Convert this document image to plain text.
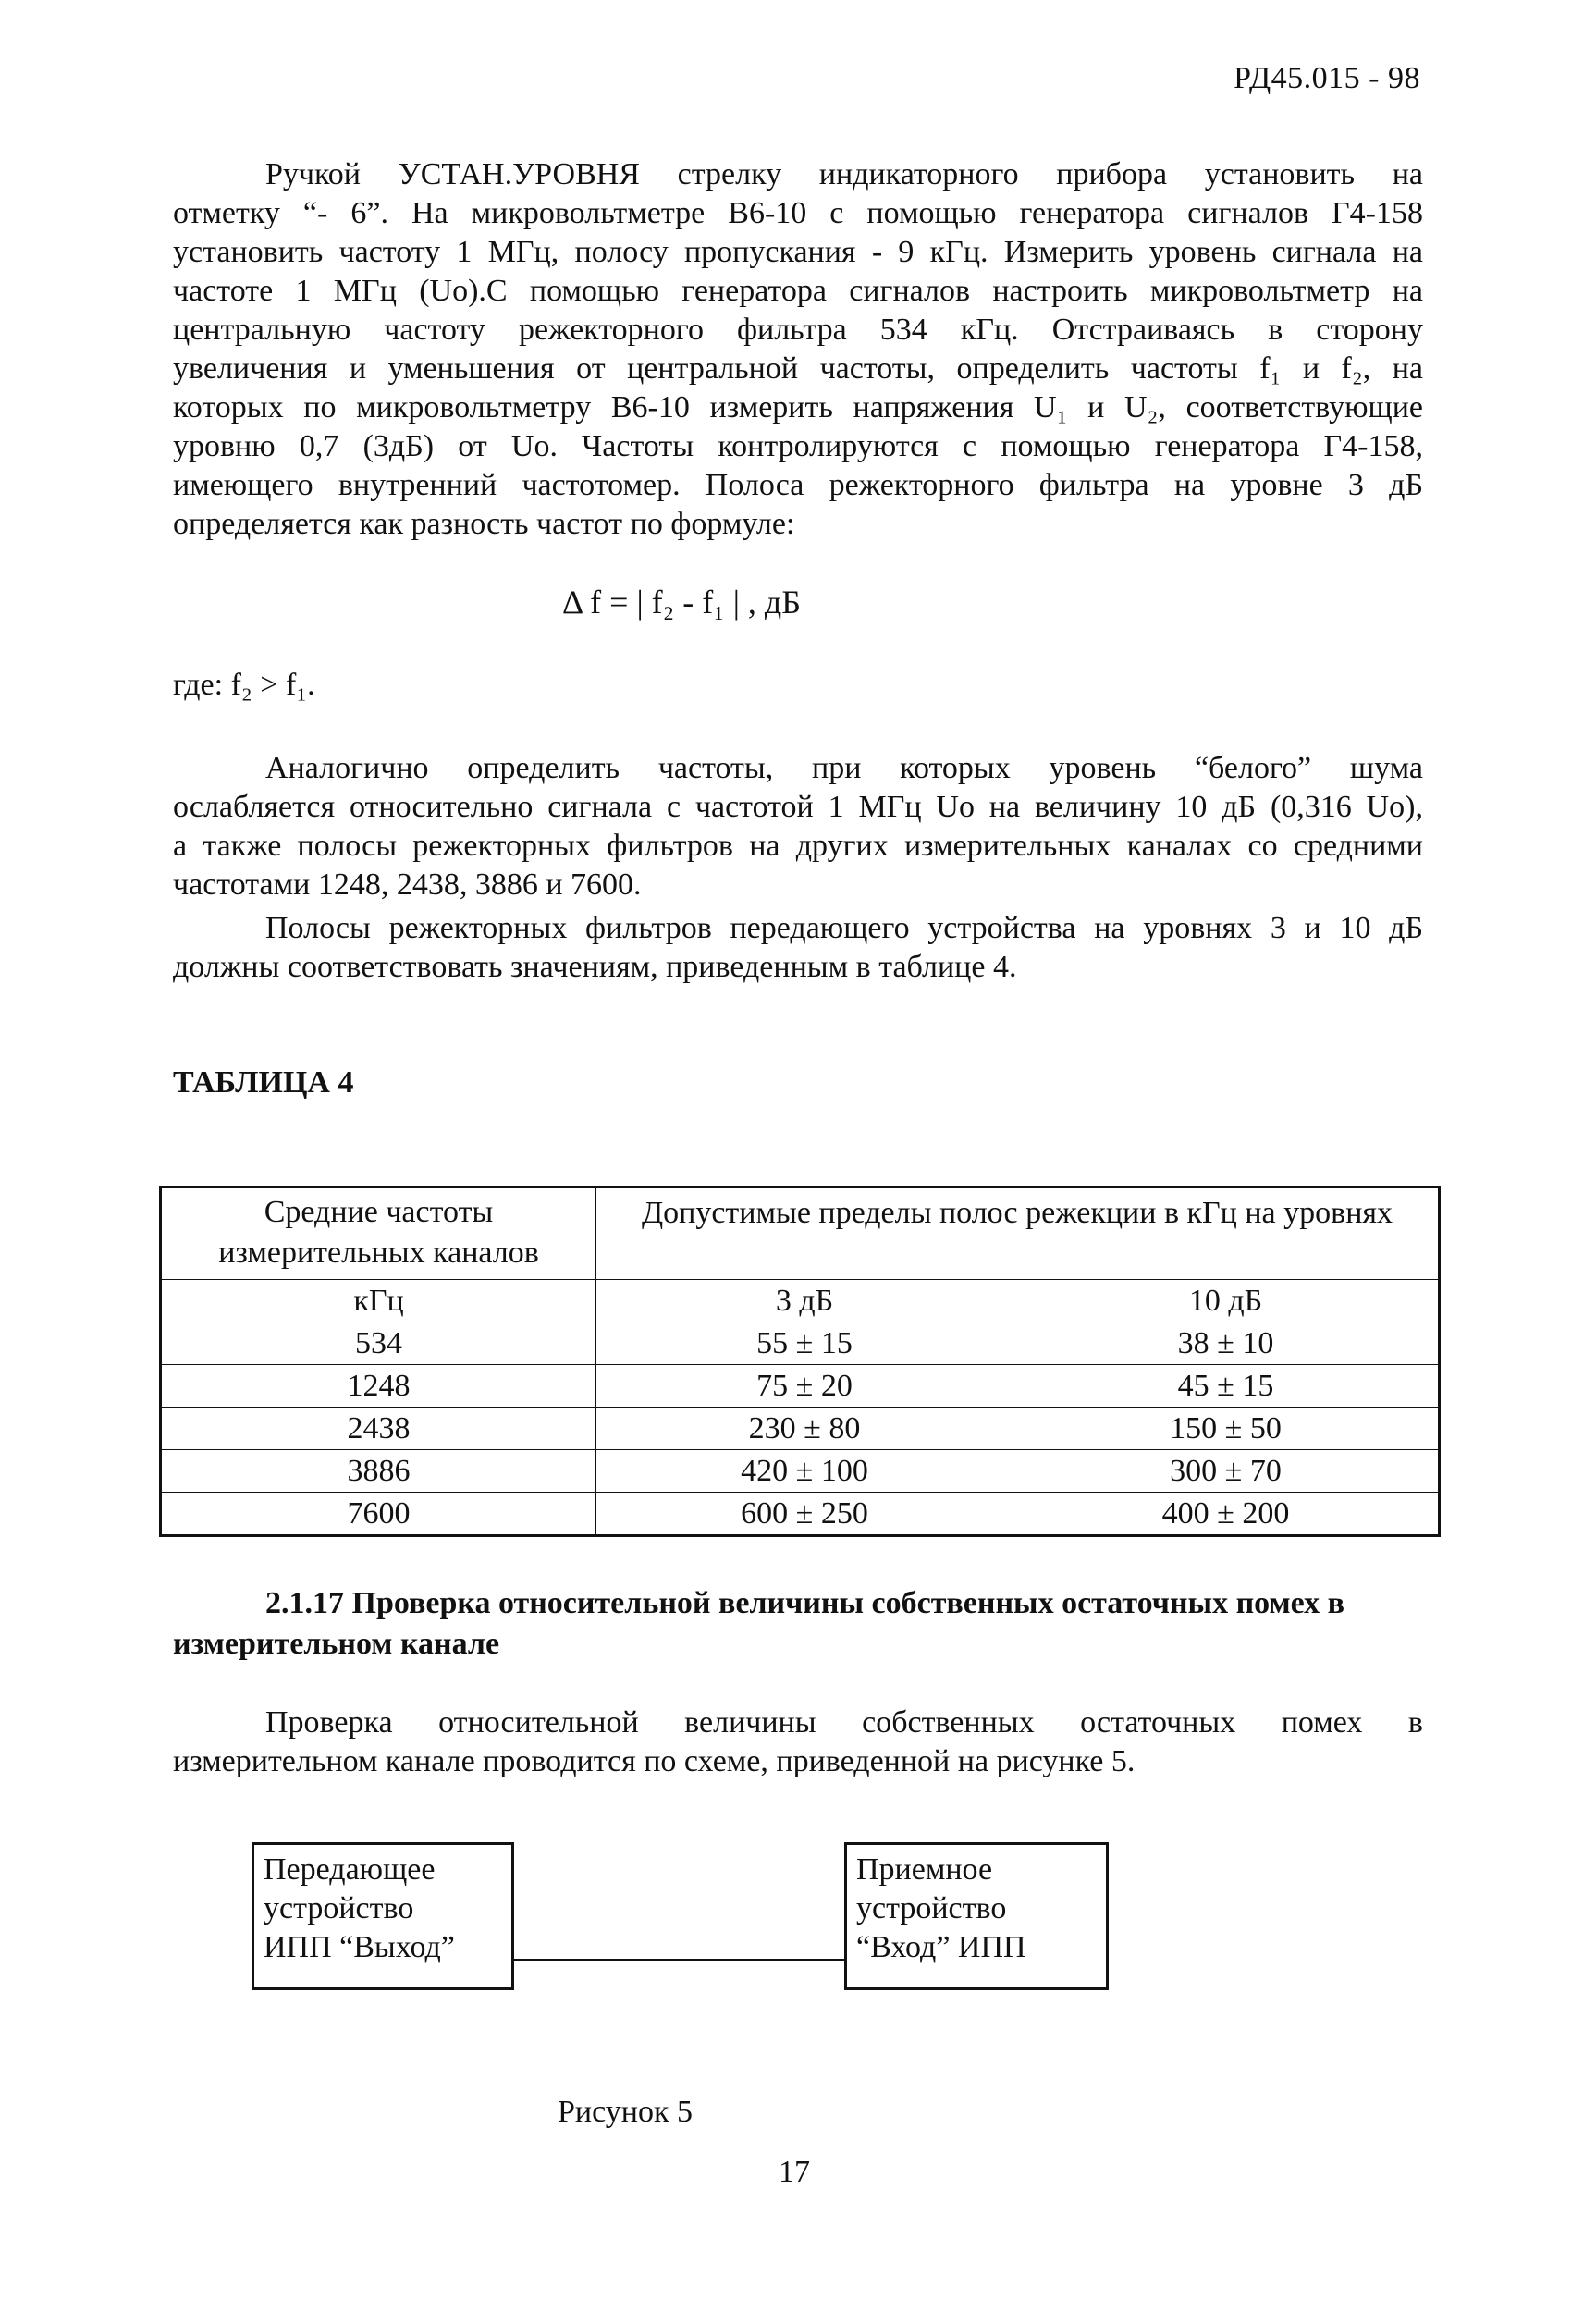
РД45.015 - 98
Ручкой УСТАН.УРОВНЯ стрелку индикаторного прибора установить на
отметку “- 6”. На микровольтметре В6-10 с помощью генератора сигналов Г4-158
установить частоту 1 МГц, полосу пропускания - 9 кГц. Измерить уровень сигнала на
частоте 1 МГц (Uo).С помощью генератора сигналов настроить микровольтметр на
центральную частоту режекторного фильтра 534 кГц. Отстраиваясь в сторону
увеличения и уменьшения от центральной частоты, определить частоты f₁ и f₂, на
которых по микровольтметру В6-10 измерить напряжения U₁ и U₂, соответствующие
уровню 0,7 (3дБ) от Uo. Частоты контролируются с помощью генератора Г4-158,
имеющего внутренний частотомер. Полоса режекторного фильтра на уровне 3 дБ
определяется как разность частот по формуле:
Δ f = | f₂ - f₁ | , дБ
где: f₂ > f₁.
Аналогично определить частоты, при которых уровень “белого” шума
ослабляется относительно сигнала с частотой 1 МГц Uo на величину 10 дБ (0,316 Uo),
а также полосы режекторных фильтров на других измерительных каналах со средними
частотами 1248, 2438, 3886 и 7600.
Полосы режекторных фильтров передающего устройства на уровнях 3 и 10 дБ
должны соответствовать значениям, приведенным в таблице 4.
ТАБЛИЦА 4
Средние частоты измерительных каналов	Допустимые пределы полос режекции в кГц на уровнях	
кГц	3 дБ	10 дБ
534	55 ± 15	38 ± 10
1248	75 ± 20	45 ± 15
2438	230 ± 80	150 ± 50
3886	420 ± 100	300 ± 70
7600	600 ± 250	400 ± 200
2.1.17 Проверка относительной величины собственных остаточных помех в измерительном канале
Проверка относительной величины собственных остаточных помех в
измерительном канале проводится по схеме, приведенной на рисунке 5.
Передающее
устройство
ИПП “Выход”
Приемное
устройство
“Вход” ИПП
Рисунок 5
17
